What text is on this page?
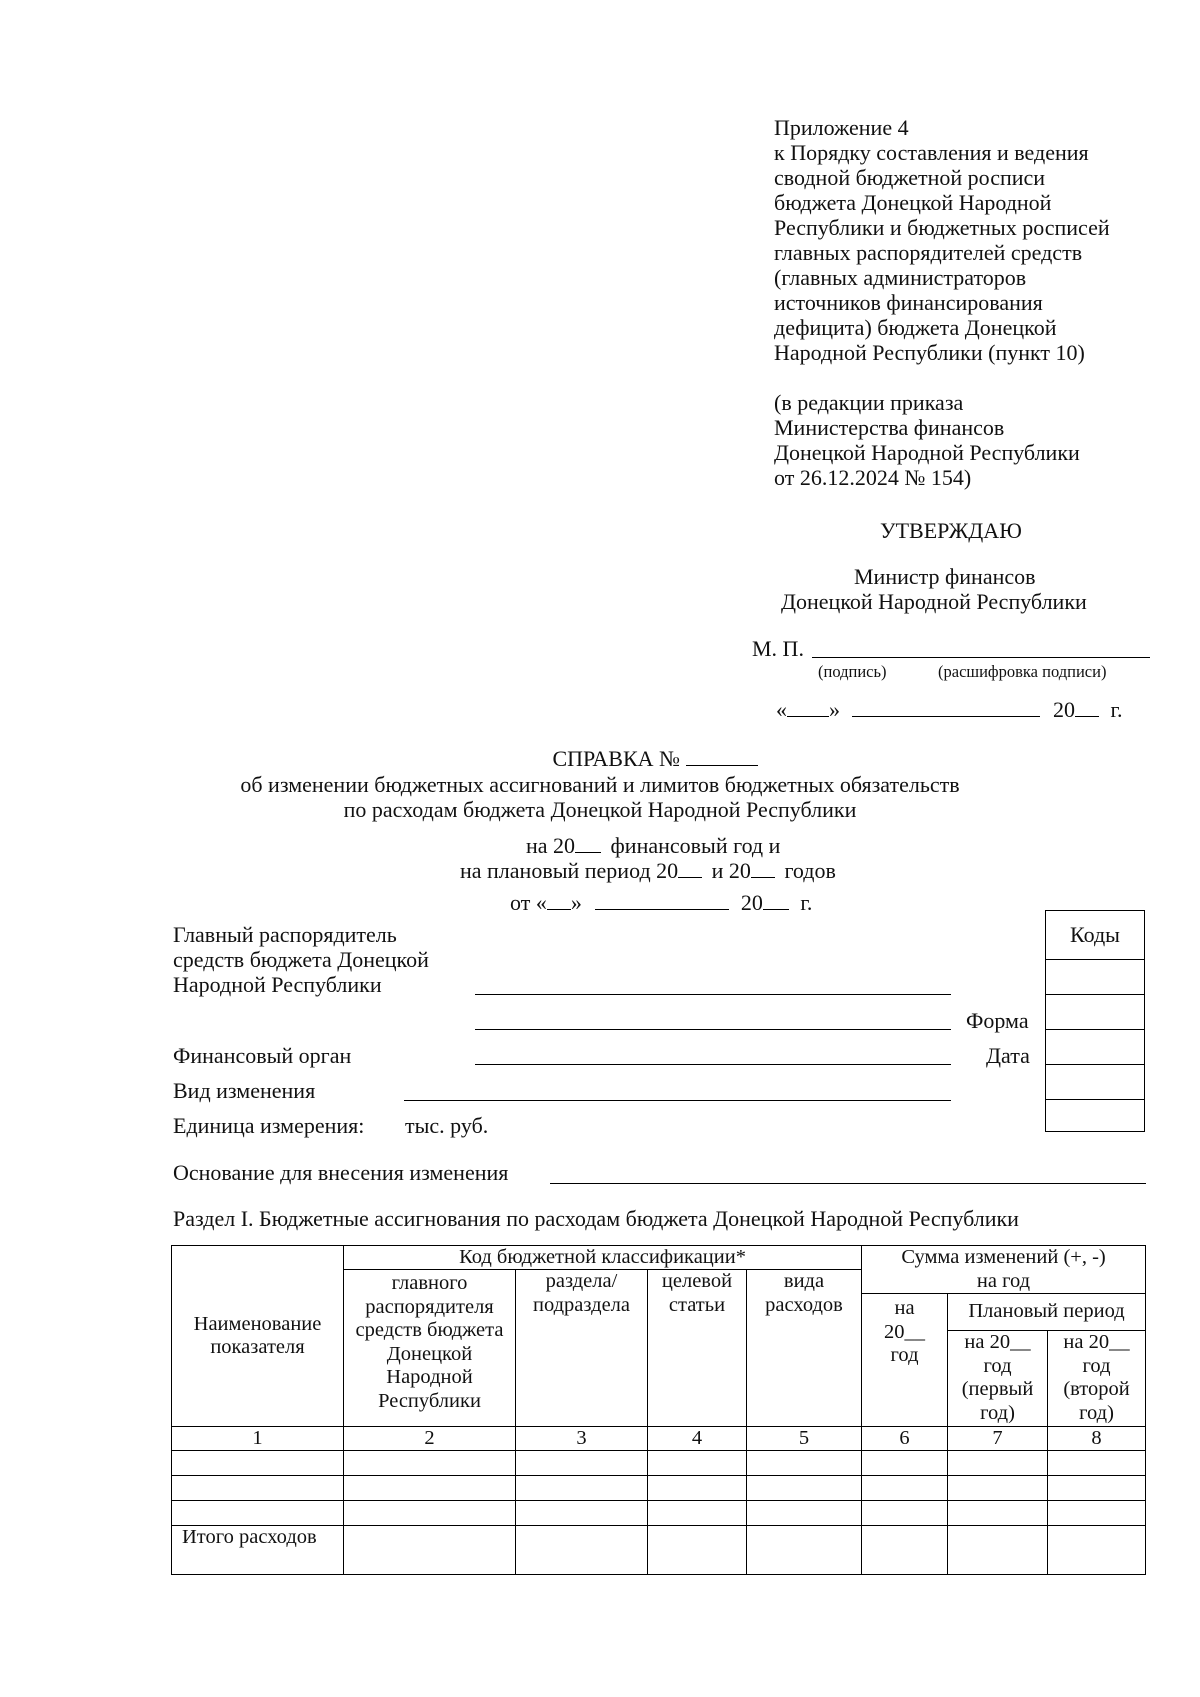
Приложение 4
к Порядку составления и ведения
сводной бюджетной росписи
бюджета Донецкой Народной
Республики и бюджетных росписей
главных распорядителей средств
(главных администраторов
источников финансирования
дефицита) бюджета Донецкой
Народной Республики (пункт 10)
(в редакции приказа
Министерства финансов
Донецкой Народной Республики
от 26.12.2024 № 154)
УТВЕРЖДАЮ
Министр финансов
Донецкой Народной Республики
М. П.
(подпись)	(расшифровка подписи)
« »	20 г.
СПРАВКА №
об изменении бюджетных ассигнований и лимитов бюджетных обязательств
по расходам бюджета Донецкой Народной Республики
на 20 финансовый год и
на плановый период 20 и 20 годов
от « »	20 г.
Главный распорядитель
средств бюджета Донецкой
Народной Республики
Форма
Финансовый орган	Дата
Вид изменения
Единица измерения: тыс. руб.
Коды
Основание для внесения изменения
Раздел I. Бюджетные ассигнования по расходам бюджета Донецкой Народной Республики
Наименование показателя	Код бюджетной классификации*				Сумма изменений (+, -) на год		
	главного распорядителя средств бюджета Донецкой Народной Республики	раздела/ подраздела	целевой статьи	вида расходов			
					на 20__ год	Плановый период	
						на 20__ год (первый год)	на 20__ год (второй год)
1	2	3	4	5	6	7	8

Итого расходов							
